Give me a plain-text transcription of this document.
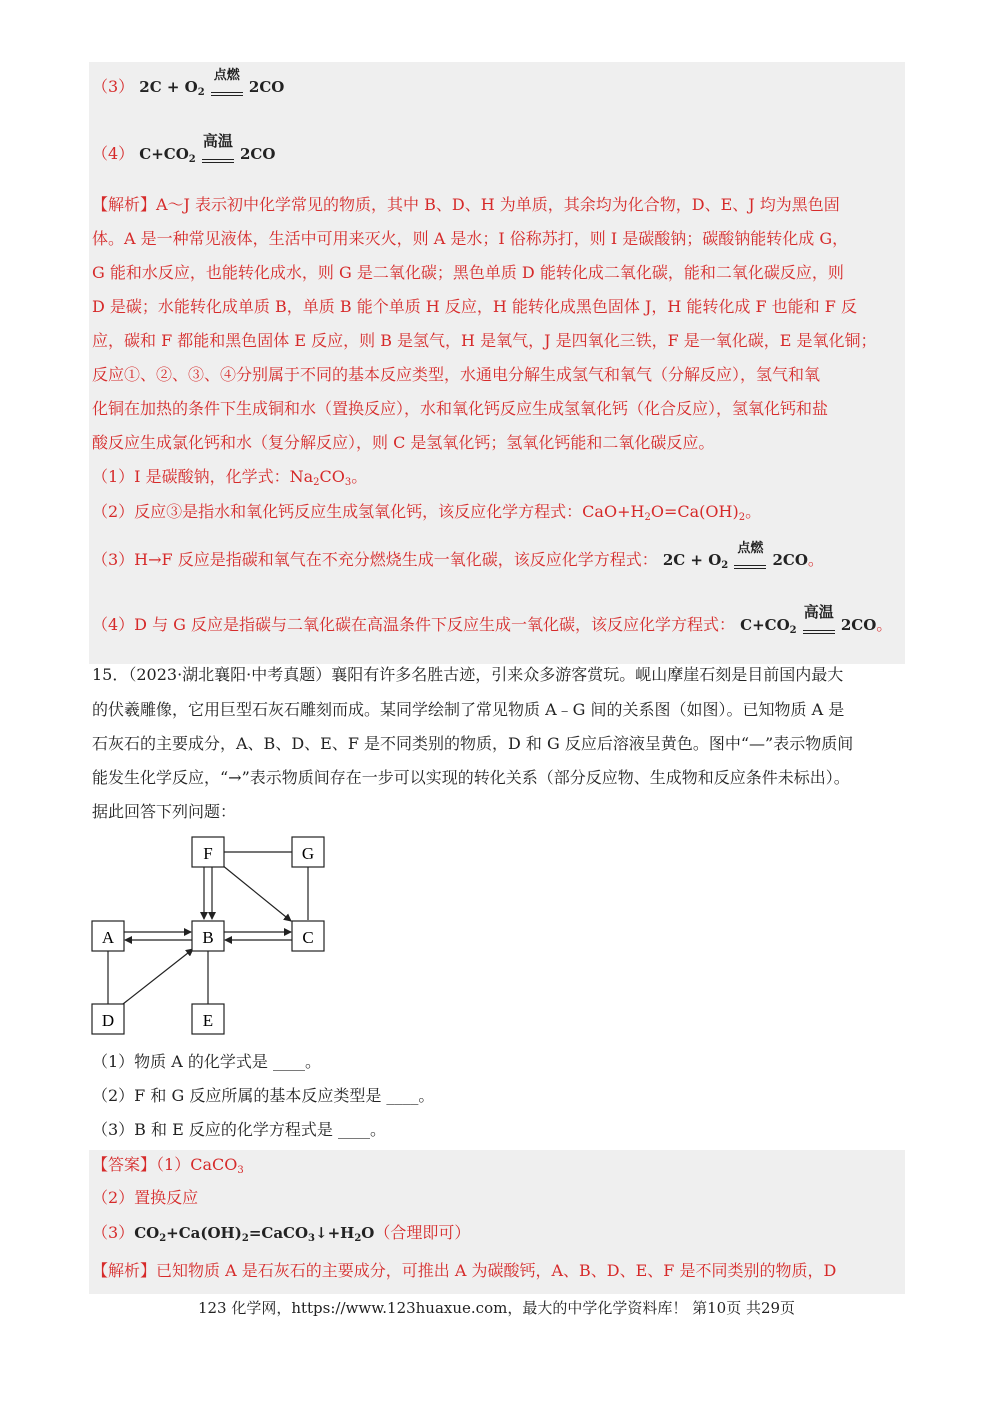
（3） $2C + O_2$
点燃
2CO
（4） $C+CO_2$
高温
2CO
【解析】A～J 表示初中化学常见的物质，其中 B、D、H 为单质，其余均为化合物，D、E、J 均为黑色固
体。A 是一种常见液体，生活中可用来灭火，则 A 是水；I 俗称苏打，则 I 是碳酸钠；碳酸钠能转化成 G，
G 能和水反应，也能转化成水，则 G 是二氧化碳；黑色单质 D 能转化成二氧化碳，能和二氧化碳反应，则
D 是碳；水能转化成单质 B，单质 B 能个单质 H 反应，H 能转化成黑色固体 J，H 能转化成 F 也能和 F 反
应，碳和 F 都能和黑色固体 E 反应，则 B 是氢气，H 是氧气，J 是四氧化三铁，F 是一氧化碳，E 是氧化铜；
反应①、②、③、④分别属于不同的基本反应类型，水通电分解生成氢气和氧气（分解反应），氢气和氧
化铜在加热的条件下生成铜和水（置换反应），水和氧化钙反应生成氢氧化钙（化合反应），氢氧化钙和盐
酸反应生成氯化钙和水（复分解反应），则 C 是氢氧化钙；氢氧化钙能和二氧化碳反应。
（1）I 是碳酸钠，化学式：$Na_2CO_3$。
（2）反应③是指水和氧化钙反应生成氢氧化钙，该反应化学方程式：$CaO+H_2O=Ca(OH)_2$。
（3）H→F 反应是指碳和氧气在不充分燃烧生成一氧化碳，该反应化学方程式： $2C + O_2$
点燃
2CO。
（4）D 与 G 反应是指碳与二氧化碳在高温条件下反应生成一氧化碳，该反应化学方程式： $C+CO_2$
高温
2CO。
15．（2023·湖北襄阳·中考真题）襄阳有许多名胜古迹，引来众多游客赏玩。岘山摩崖石刻是目前国内最大
的伏羲雕像，它用巨型石灰石雕刻而成。某同学绘制了常见物质 A﹣G 间的关系图（如图）。已知物质 A 是
石灰石的主要成分，A、B、D、E、F 是不同类别的物质，D 和 G 反应后溶液呈黄色。图中“—”表示物质间
能发生化学反应，“→”表示物质间存在一步可以实现的转化关系（部分反应物、生成物和反应条件未标出）。
据此回答下列问题：
F	G
A	B	C
D	E
（1）物质 A 的化学式是 ____。
（2）F 和 G 反应所属的基本反应类型是 ____。
（3）B 和 E 反应的化学方程式是 ____。
【答案】（1）CaCO$_3$
（2）置换反应
$(3)CO_2+Ca(OH)_2=CaCO_3↓+H_2O$（合理即可）
【解析】已知物质 A 是石灰石的主要成分，可推出 A 为碳酸钙，A、B、D、E、F 是不同类别的物质，D
123 化学网，https://www.123huaxue.com，最大的中学化学资料库！ 第10页 共29页
